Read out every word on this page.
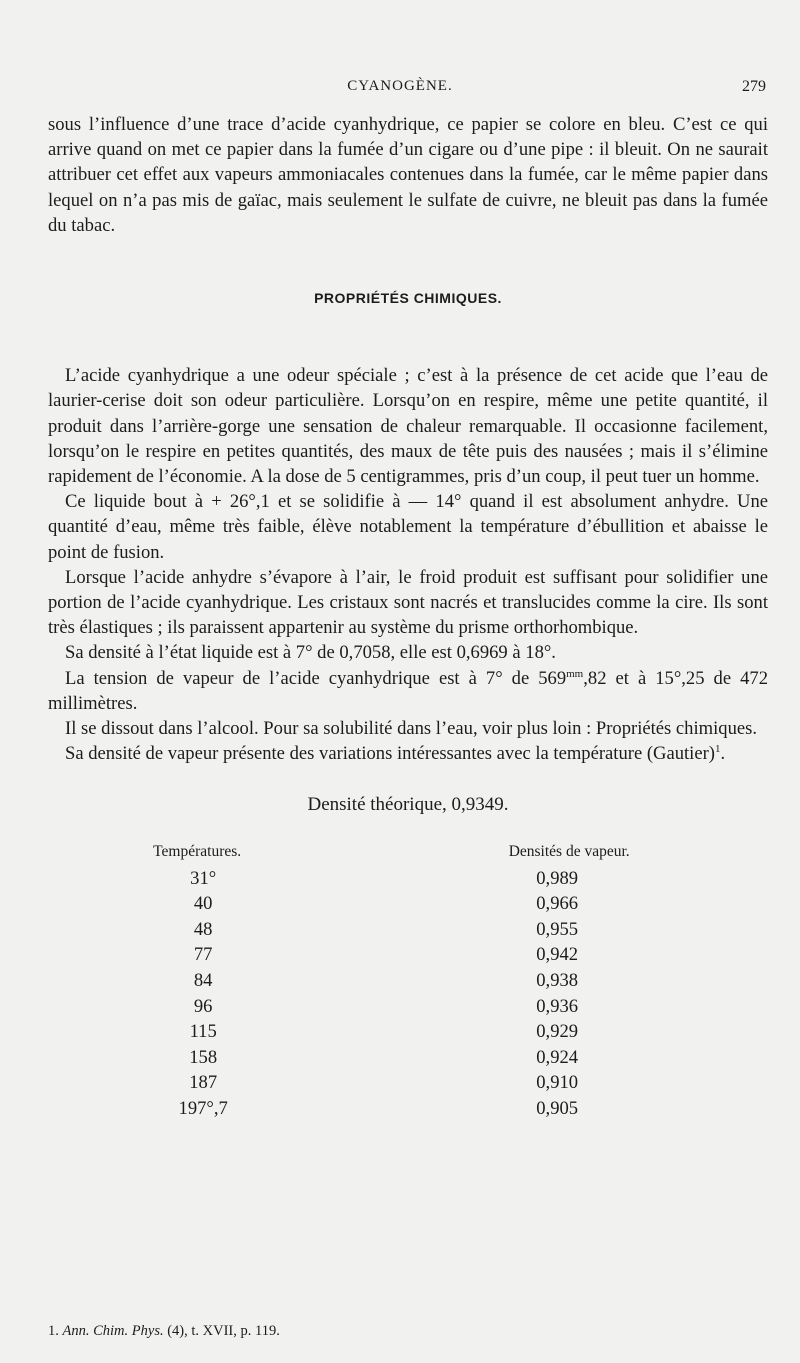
CYANOGÈNE.	279

sous l’influence d’une trace d’acide cyanhydrique, ce papier se colore en bleu. C’est ce qui arrive quand on met ce papier dans la fumée d’un cigare ou d’une pipe : il bleuit. On ne saurait attribuer cet effet aux vapeurs ammoniacales contenues dans la fumée, car le même papier dans lequel on n’a pas mis de gaïac, mais seulement le sulfate de cuivre, ne bleuit pas dans la fumée du tabac.

PROPRIÉTÉS CHIMIQUES.

L’acide cyanhydrique a une odeur spéciale ; c’est à la présence de cet acide que l’eau de laurier-cerise doit son odeur particulière. Lorsqu’on en respire, même une petite quantité, il produit dans l’arrière-gorge une sensation de chaleur remarquable. Il occasionne facilement, lorsqu’on le respire en petites quantités, des maux de tête puis des nausées ; mais il s’élimine rapidement de l’économie. A la dose de 5 centigrammes, pris d’un coup, il peut tuer un homme.

Ce liquide bout à + 26°,1 et se solidifie à — 14° quand il est absolument anhydre. Une quantité d’eau, même très faible, élève notablement la température d’ébullition et abaisse le point de fusion.

Lorsque l’acide anhydre s’évapore à l’air, le froid produit est suffisant pour solidifier une portion de l’acide cyanhydrique. Les cristaux sont nacrés et translucides comme la cire. Ils sont très élastiques ; ils paraissent appartenir au système du prisme orthorhombique.

Sa densité à l’état liquide est à 7° de 0,7058, elle est 0,6969 à 18°.

La tension de vapeur de l’acide cyanhydrique est à 7° de $569^{mm},82$ et à 15°,25 de 472 millimètres.

Il se dissout dans l’alcool. Pour sa solubilité dans l’eau, voir plus loin : Propriétés chimiques.

Sa densité de vapeur présente des variations intéressantes avec la température (Gautier)$^1$.

Densité théorique, 0,9349.
Températures.	Densités de vapeur.
31°	0,989
40	0,966
48	0,955
77	0,942
84	0,938
96	0,936
115	0,929
158	0,924
187	0,910
197°,7	0,905
1. Ann. Chim. Phys. (4), t. XVII, p. 119.
